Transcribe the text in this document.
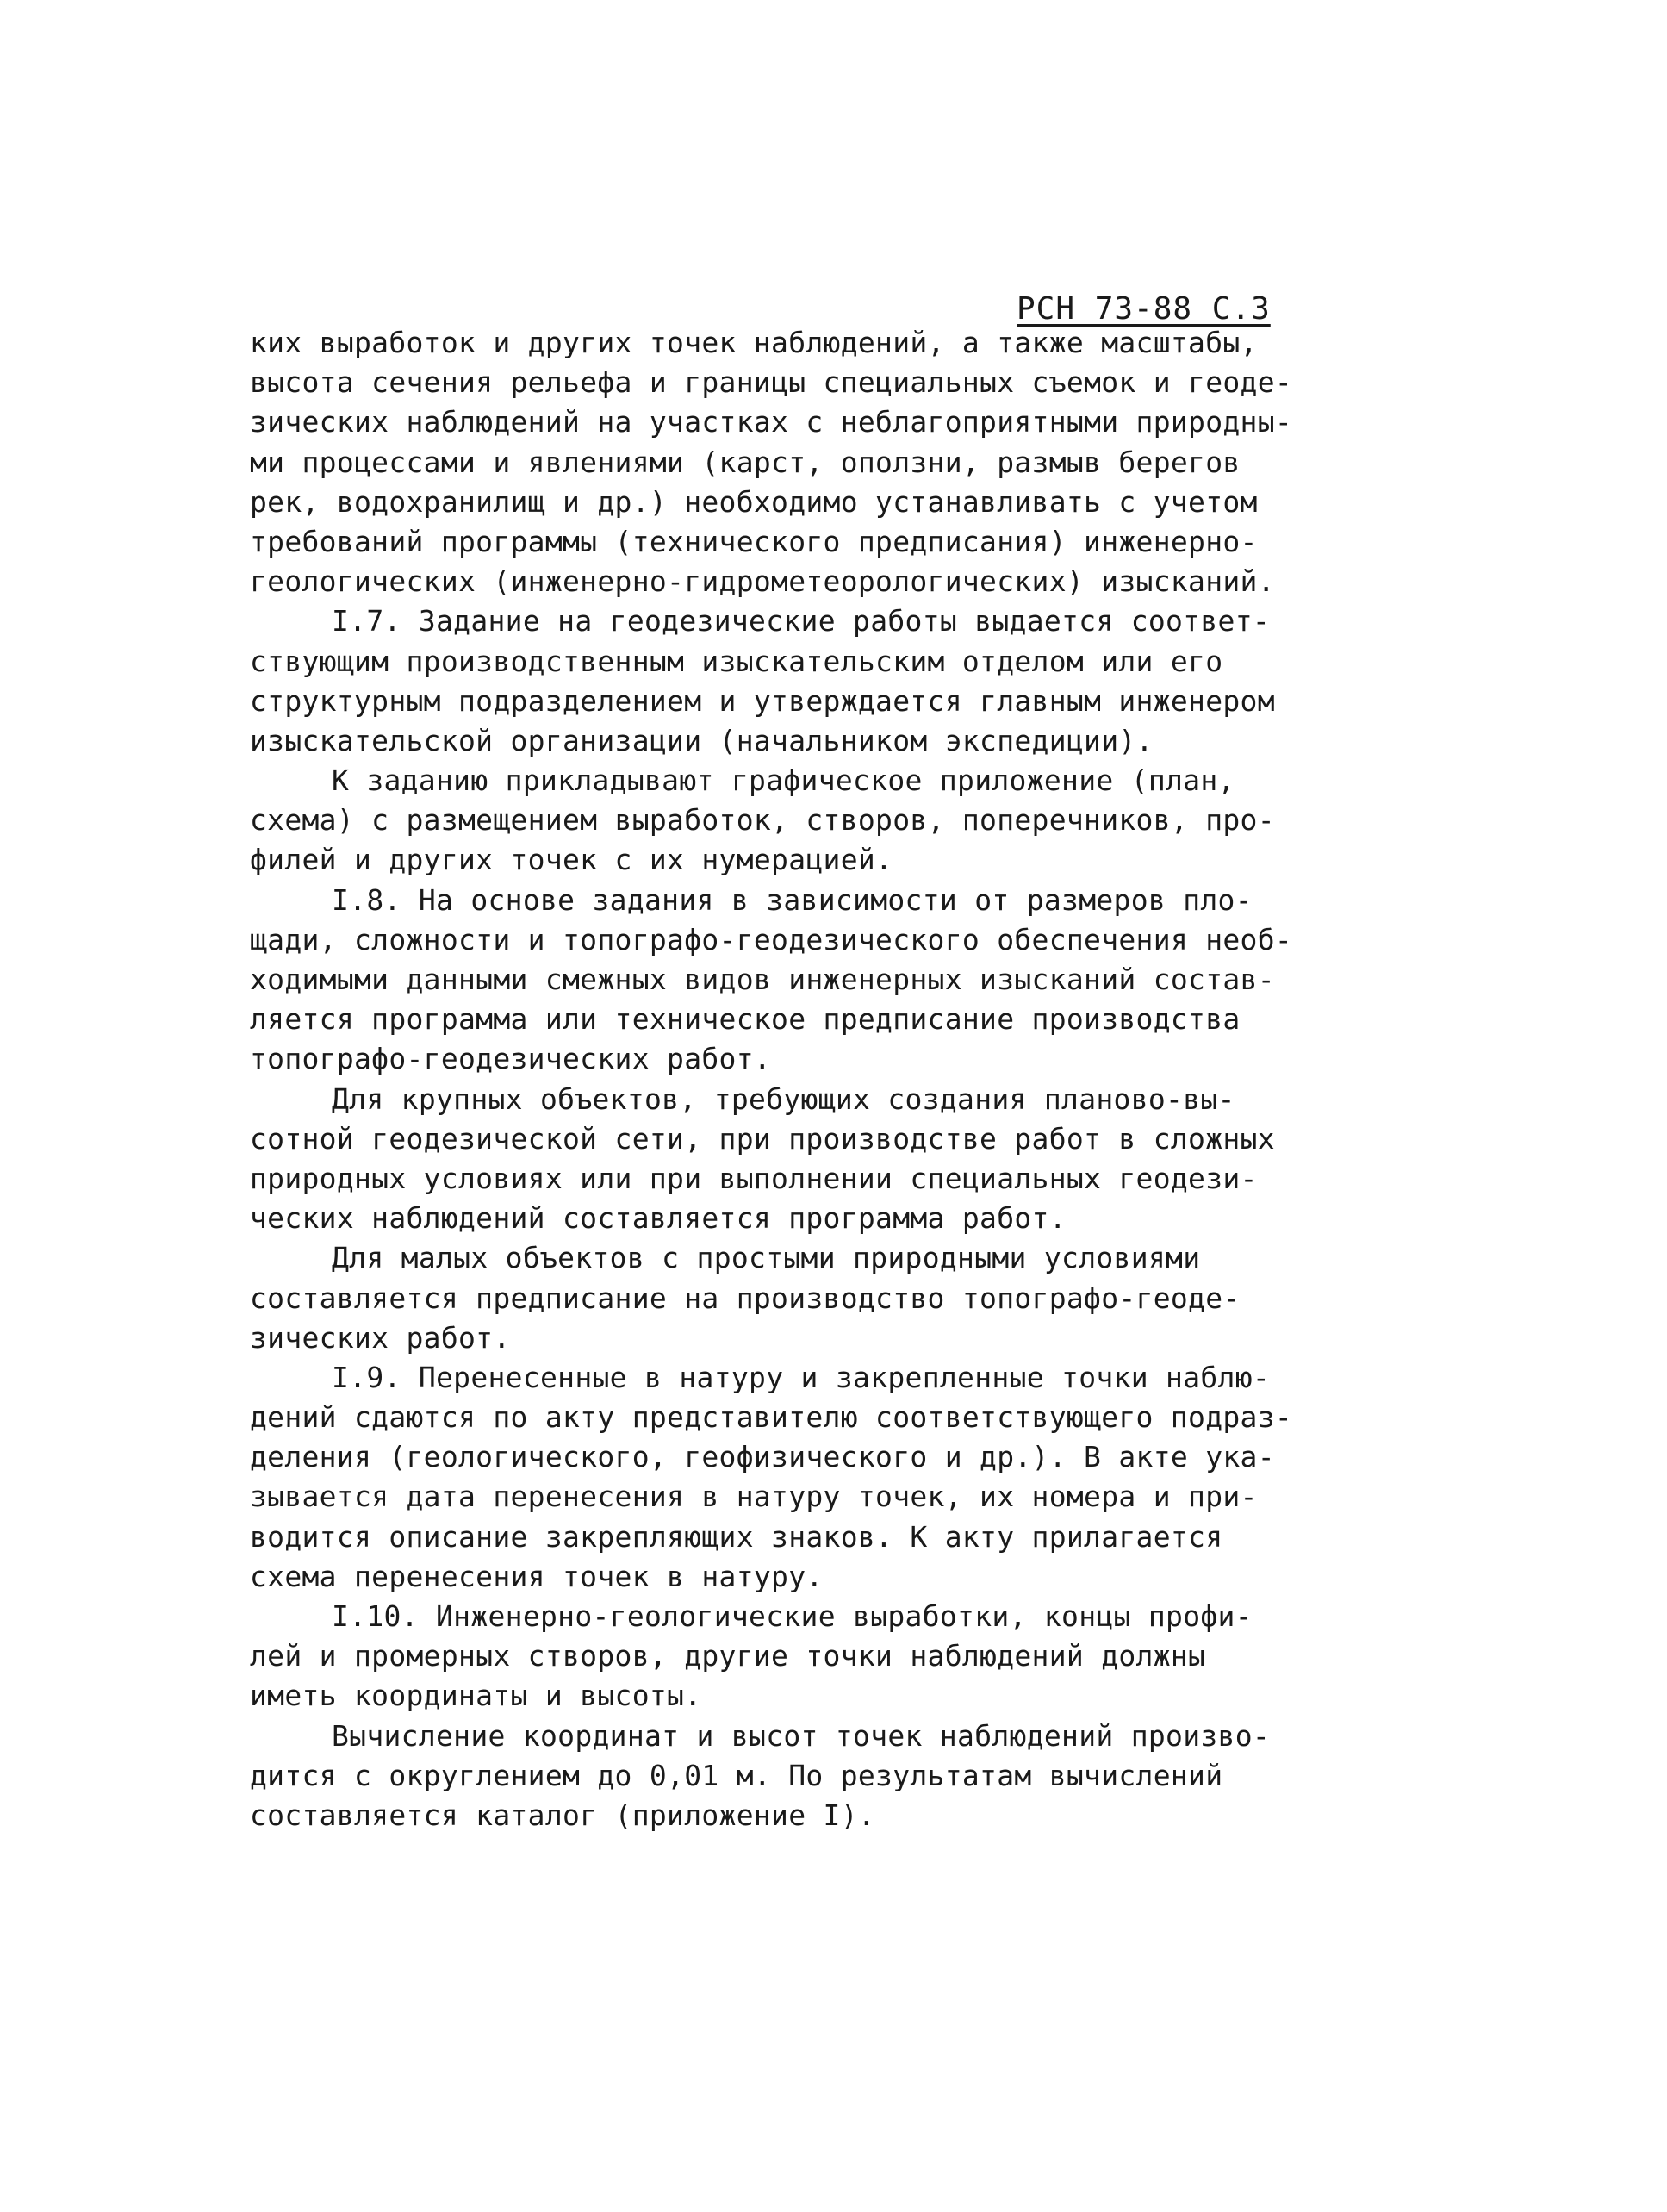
РСН 73-88 С.3
ких выработок и других точек наблюдений, а также масштабы,
высота сечения рельефа и границы специальных съемок и геоде-
зических наблюдений на участках с неблагоприятными природны-
ми процессами и явлениями (карст, оползни, размыв берегов
рек, водохранилищ и др.) необходимо устанавливать с учетом
требований программы (технического предписания) инженерно-
геологических (инженерно-гидрометеорологических) изысканий.
I.7. Задание на геодезические работы выдается соответ-
ствующим производственным изыскательским отделом или его
структурным подразделением и утверждается главным инженером
изыскательской организации (начальником экспедиции).
К заданию прикладывают графическое приложение (план,
схема) с размещением выработок, створов, поперечников, про-
филей и других точек с их нумерацией.
I.8. На основе задания в зависимости от размеров пло-
щади, сложности и топографо-геодезического обеспечения необ-
ходимыми данными смежных видов инженерных изысканий состав-
ляется программа или техническое предписание производства
топографо-геодезических работ.
Для крупных объектов, требующих создания планово-вы-
сотной геодезической сети, при производстве работ в сложных
природных условиях или при выполнении специальных геодези-
ческих наблюдений составляется программа работ.
Для малых объектов с простыми природными условиями
составляется предписание на производство топографо-геоде-
зических работ.
I.9. Перенесенные в натуру и закрепленные точки наблю-
дений сдаются по акту представителю соответствующего подраз-
деления (геологического, геофизического и др.). В акте ука-
зывается дата перенесения в натуру точек, их номера и при-
водится описание закрепляющих знаков. К акту прилагается
схема перенесения точек в натуру.
I.10. Инженерно-геологические выработки, концы профи-
лей и промерных створов, другие точки наблюдений должны
иметь координаты и высоты.
Вычисление координат и высот точек наблюдений произво-
дится с округлением до 0,01 м. По результатам вычислений
составляется каталог (приложение I).
